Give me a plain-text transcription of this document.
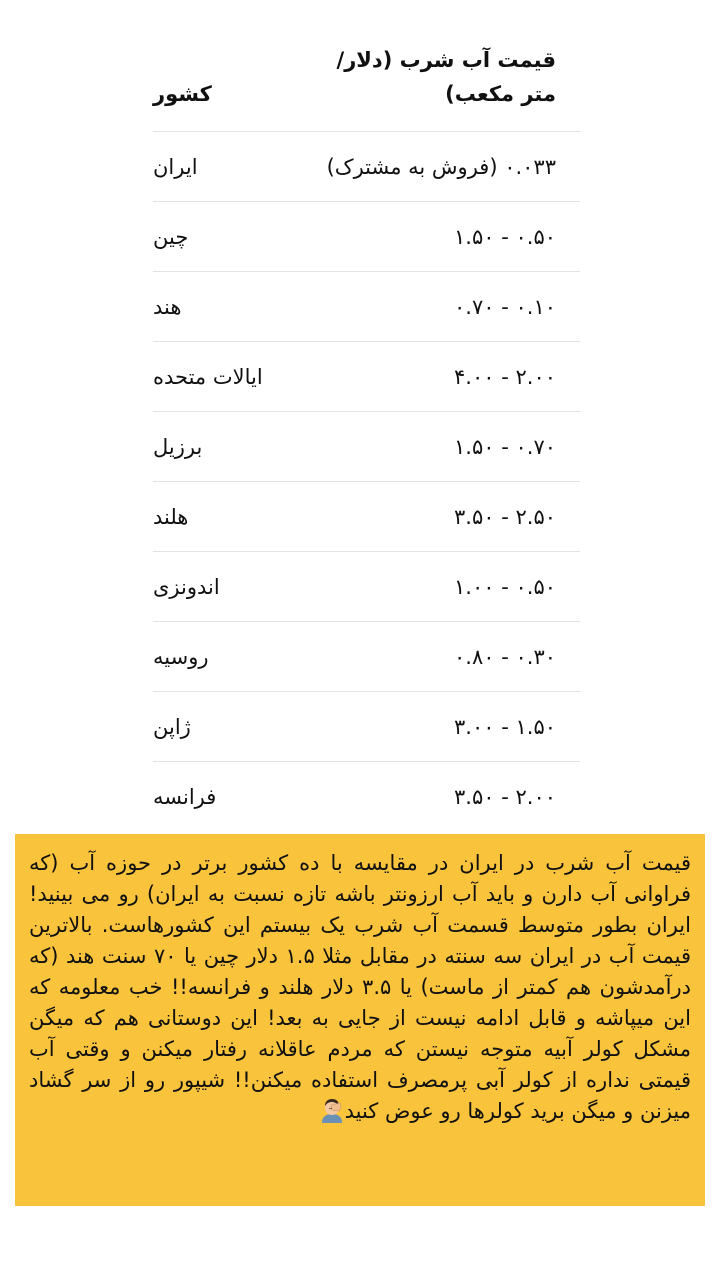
قیمت آب شرب (دلار/متر مکعب)
کشور
۰.۰۳۳ (فروش به مشترک)
ایران
۰.۵۰ - ۱.۵۰
چین
۰.۱۰ - ۰.۷۰
هند
۲.۰۰ - ۴.۰۰
ایالات متحده
۰.۷۰ - ۱.۵۰
برزیل
۲.۵۰ - ۳.۵۰
هلند
۰.۵۰ - ۱.۰۰
اندونزی
۰.۳۰ - ۰.۸۰
روسیه
۱.۵۰ - ۳.۰۰
ژاپن
۲.۰۰ - ۳.۵۰
فرانسه
قیمت آب شرب در ایران در مقایسه با ده کشور برتر در حوزه آب (که فراوانی آب دارن و باید آب ارزونتر باشه تازه نسبت به ایران) رو می بینید! ایران بطور متوسط قسمت آب شرب یک بیستم این کشورهاست. بالاترین قیمت آب در ایران سه سنته در مقابل مثلا ۱.۵ دلار چین یا ۷۰ سنت هند (که درآمدشون هم کمتر از ماست) یا ۳.۵ دلار هلند و فرانسه!! خب معلومه که این میپاشه و قابل ادامه نیست از جایی به بعد! این دوستانی هم که میگن مشکل کولر آبیه متوجه نیستن که مردم عاقلانه رفتار میکنن و وقتی آب قیمتی نداره از کولر آبی پرمصرف استفاده میکنن!! شیپور رو از سر گشاد میزنن و میگن برید کولرها رو عوض کنید
